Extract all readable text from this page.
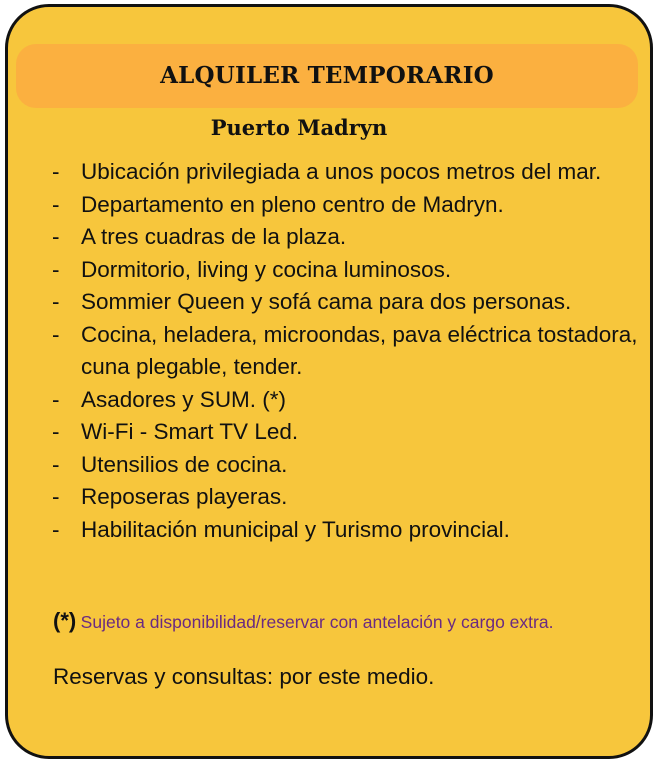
ALQUILER TEMPORARIO
Puerto Madryn
- Ubicación privilegiada a unos pocos metros del mar.
- Departamento en pleno centro de Madryn.
- A tres cuadras de la plaza.
- Dormitorio, living y cocina luminosos.
- Sommier Queen y sofá cama para dos personas.
- Cocina, heladera, microondas, pava eléctrica tostadora, cuna plegable, tender.
- Asadores y SUM. (*)
- Wi-Fi - Smart TV Led.
- Utensilios de cocina.
- Reposeras playeras.
- Habilitación municipal y Turismo provincial.
(*) Sujeto a disponibilidad/reservar con antelación y cargo extra.
Reservas y consultas: por este medio.
